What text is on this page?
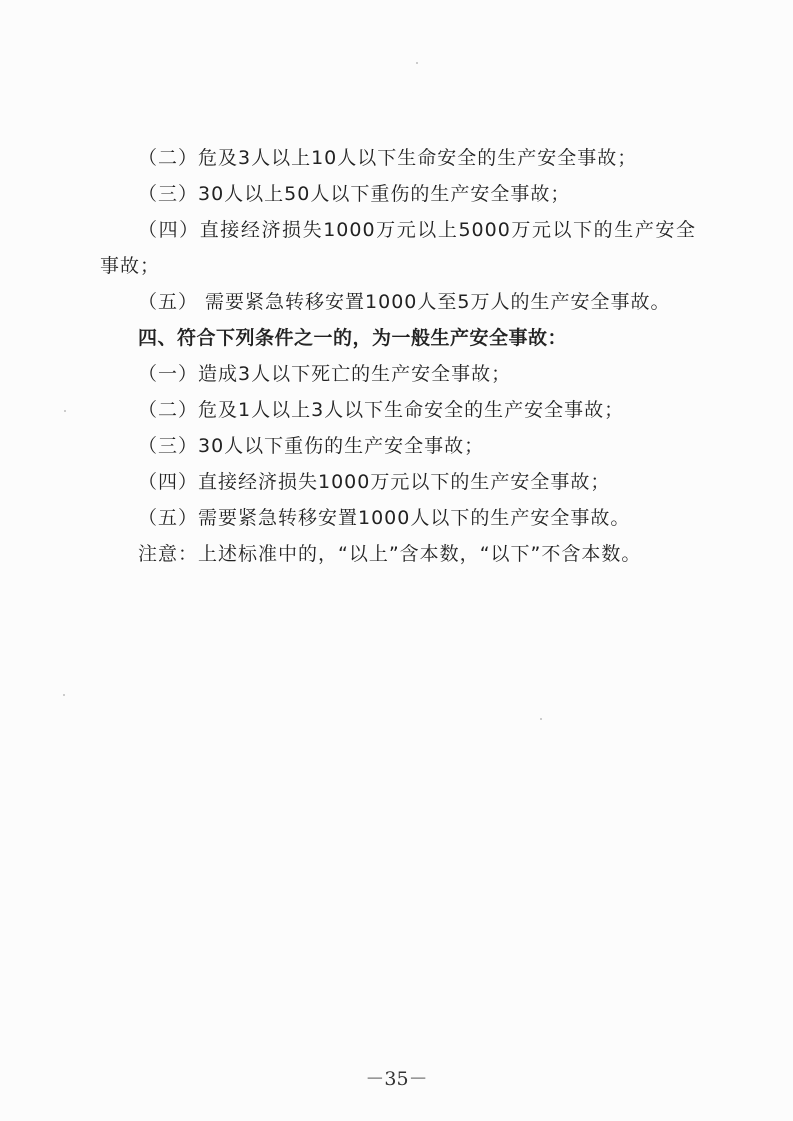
（二）危及3人以上10人以下生命安全的生产安全事故；

（三）30人以上50人以下重伤的生产安全事故；

（四）直接经济损失1000万元以上5000万元以下的生产安全事故；

（五） 需要紧急转移安置1000人至5万人的生产安全事故。

四、符合下列条件之一的，为一般生产安全事故：

（一）造成3人以下死亡的生产安全事故；

（二）危及1人以上3人以下生命安全的生产安全事故；

（三）30人以下重伤的生产安全事故；

（四）直接经济损失1000万元以下的生产安全事故；

（五）需要紧急转移安置1000人以下的生产安全事故。

注意：上述标准中的，“以上”含本数，“以下”不含本数。

－35－
